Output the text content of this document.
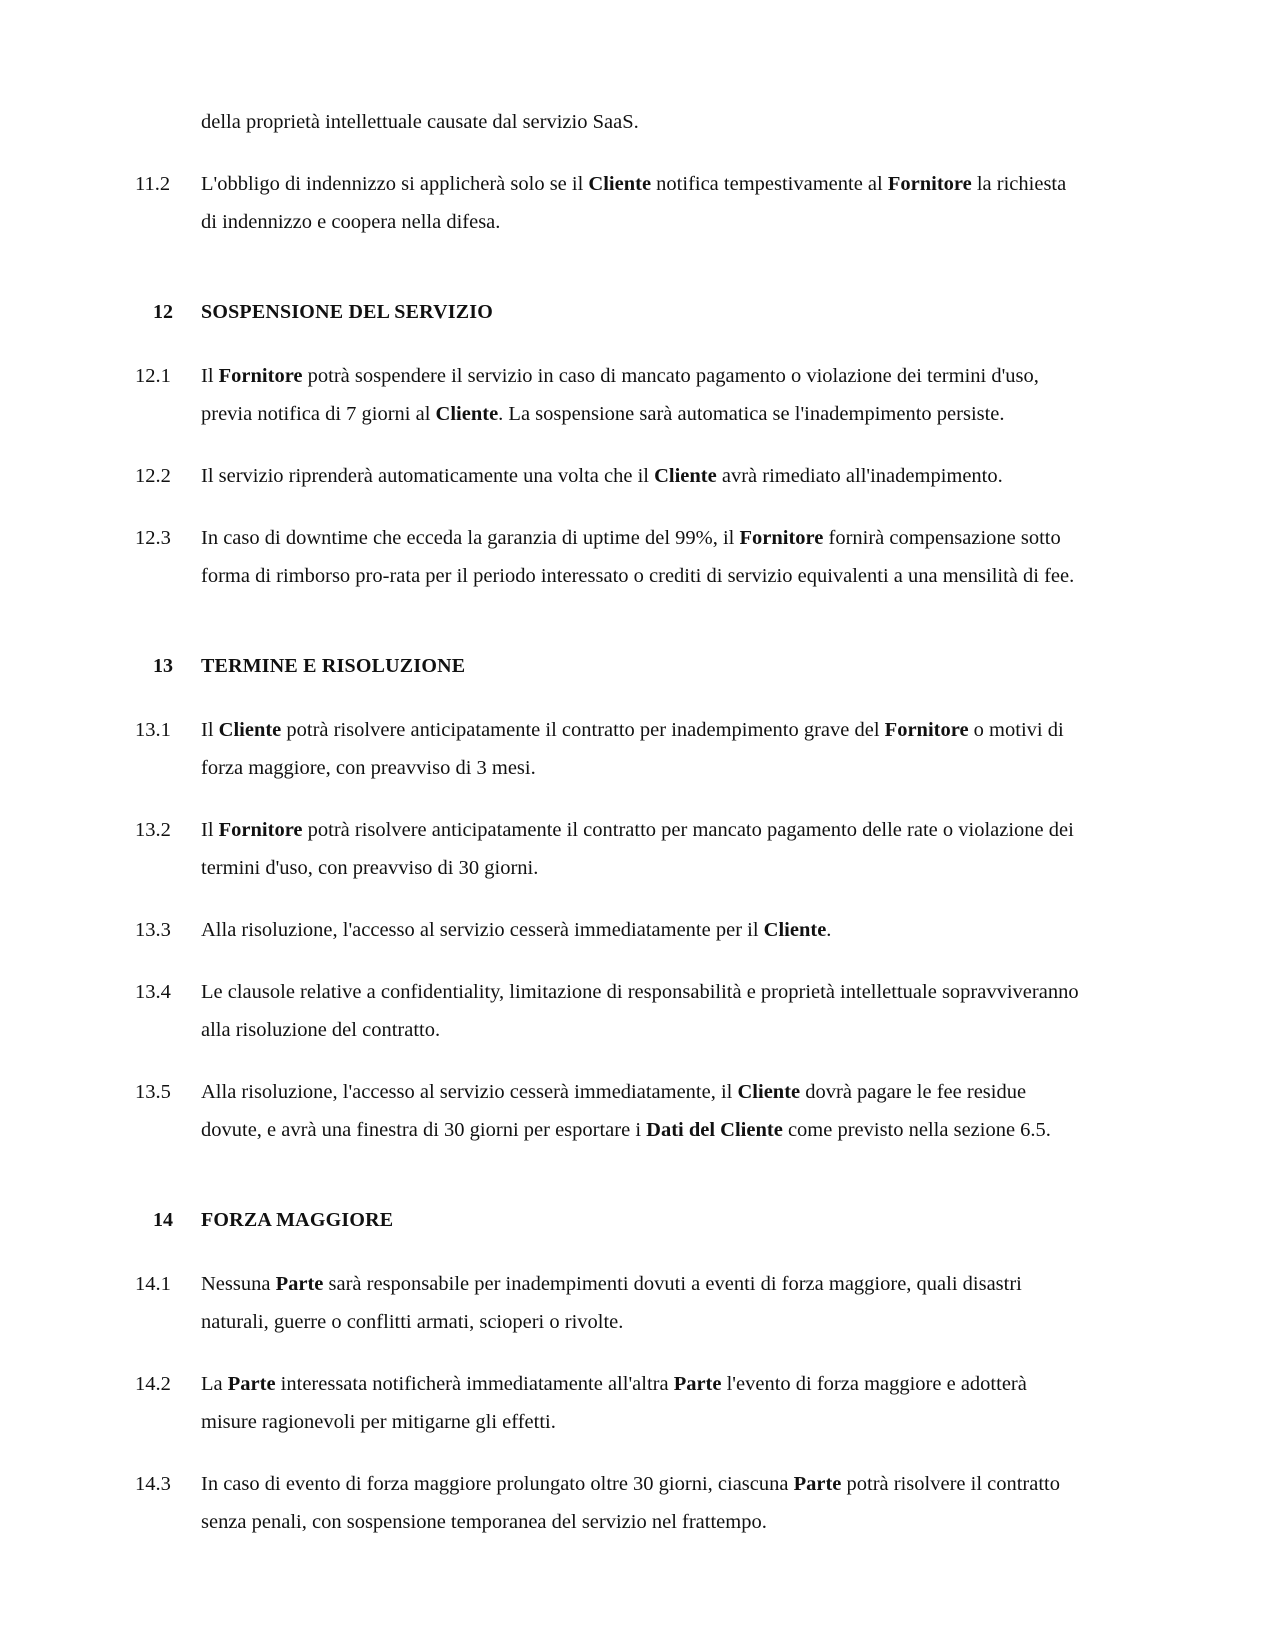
della proprietà intellettuale causate dal servizio SaaS.
11.2	L'obbligo di indennizzo si applicherà solo se il Cliente notifica tempestivamente al Fornitore la richiesta di indennizzo e coopera nella difesa.
12	SOSPENSIONE DEL SERVIZIO
12.1	Il Fornitore potrà sospendere il servizio in caso di mancato pagamento o violazione dei termini d'uso, previa notifica di 7 giorni al Cliente. La sospensione sarà automatica se l'inadempimento persiste.
12.2	Il servizio riprenderà automaticamente una volta che il Cliente avrà rimediato all'inadempimento.
12.3	In caso di downtime che ecceda la garanzia di uptime del 99%, il Fornitore fornirà compensazione sotto forma di rimborso pro-rata per il periodo interessato o crediti di servizio equivalenti a una mensilità di fee.
13	TERMINE E RISOLUZIONE
13.1	Il Cliente potrà risolvere anticipatamente il contratto per inadempimento grave del Fornitore o motivi di forza maggiore, con preavviso di 3 mesi.
13.2	Il Fornitore potrà risolvere anticipatamente il contratto per mancato pagamento delle rate o violazione dei termini d'uso, con preavviso di 30 giorni.
13.3	Alla risoluzione, l'accesso al servizio cesserà immediatamente per il Cliente.
13.4	Le clausole relative a confidentiality, limitazione di responsabilità e proprietà intellettuale sopravviveranno alla risoluzione del contratto.
13.5	Alla risoluzione, l'accesso al servizio cesserà immediatamente, il Cliente dovrà pagare le fee residue dovute, e avrà una finestra di 30 giorni per esportare i Dati del Cliente come previsto nella sezione 6.5.
14	FORZA MAGGIORE
14.1	Nessuna Parte sarà responsabile per inadempimenti dovuti a eventi di forza maggiore, quali disastri naturali, guerre o conflitti armati, scioperi o rivolte.
14.2	La Parte interessata notificherà immediatamente all'altra Parte l'evento di forza maggiore e adotterà misure ragionevoli per mitigarne gli effetti.
14.3	In caso di evento di forza maggiore prolungato oltre 30 giorni, ciascuna Parte potrà risolvere il contratto senza penali, con sospensione temporanea del servizio nel frattempo.
